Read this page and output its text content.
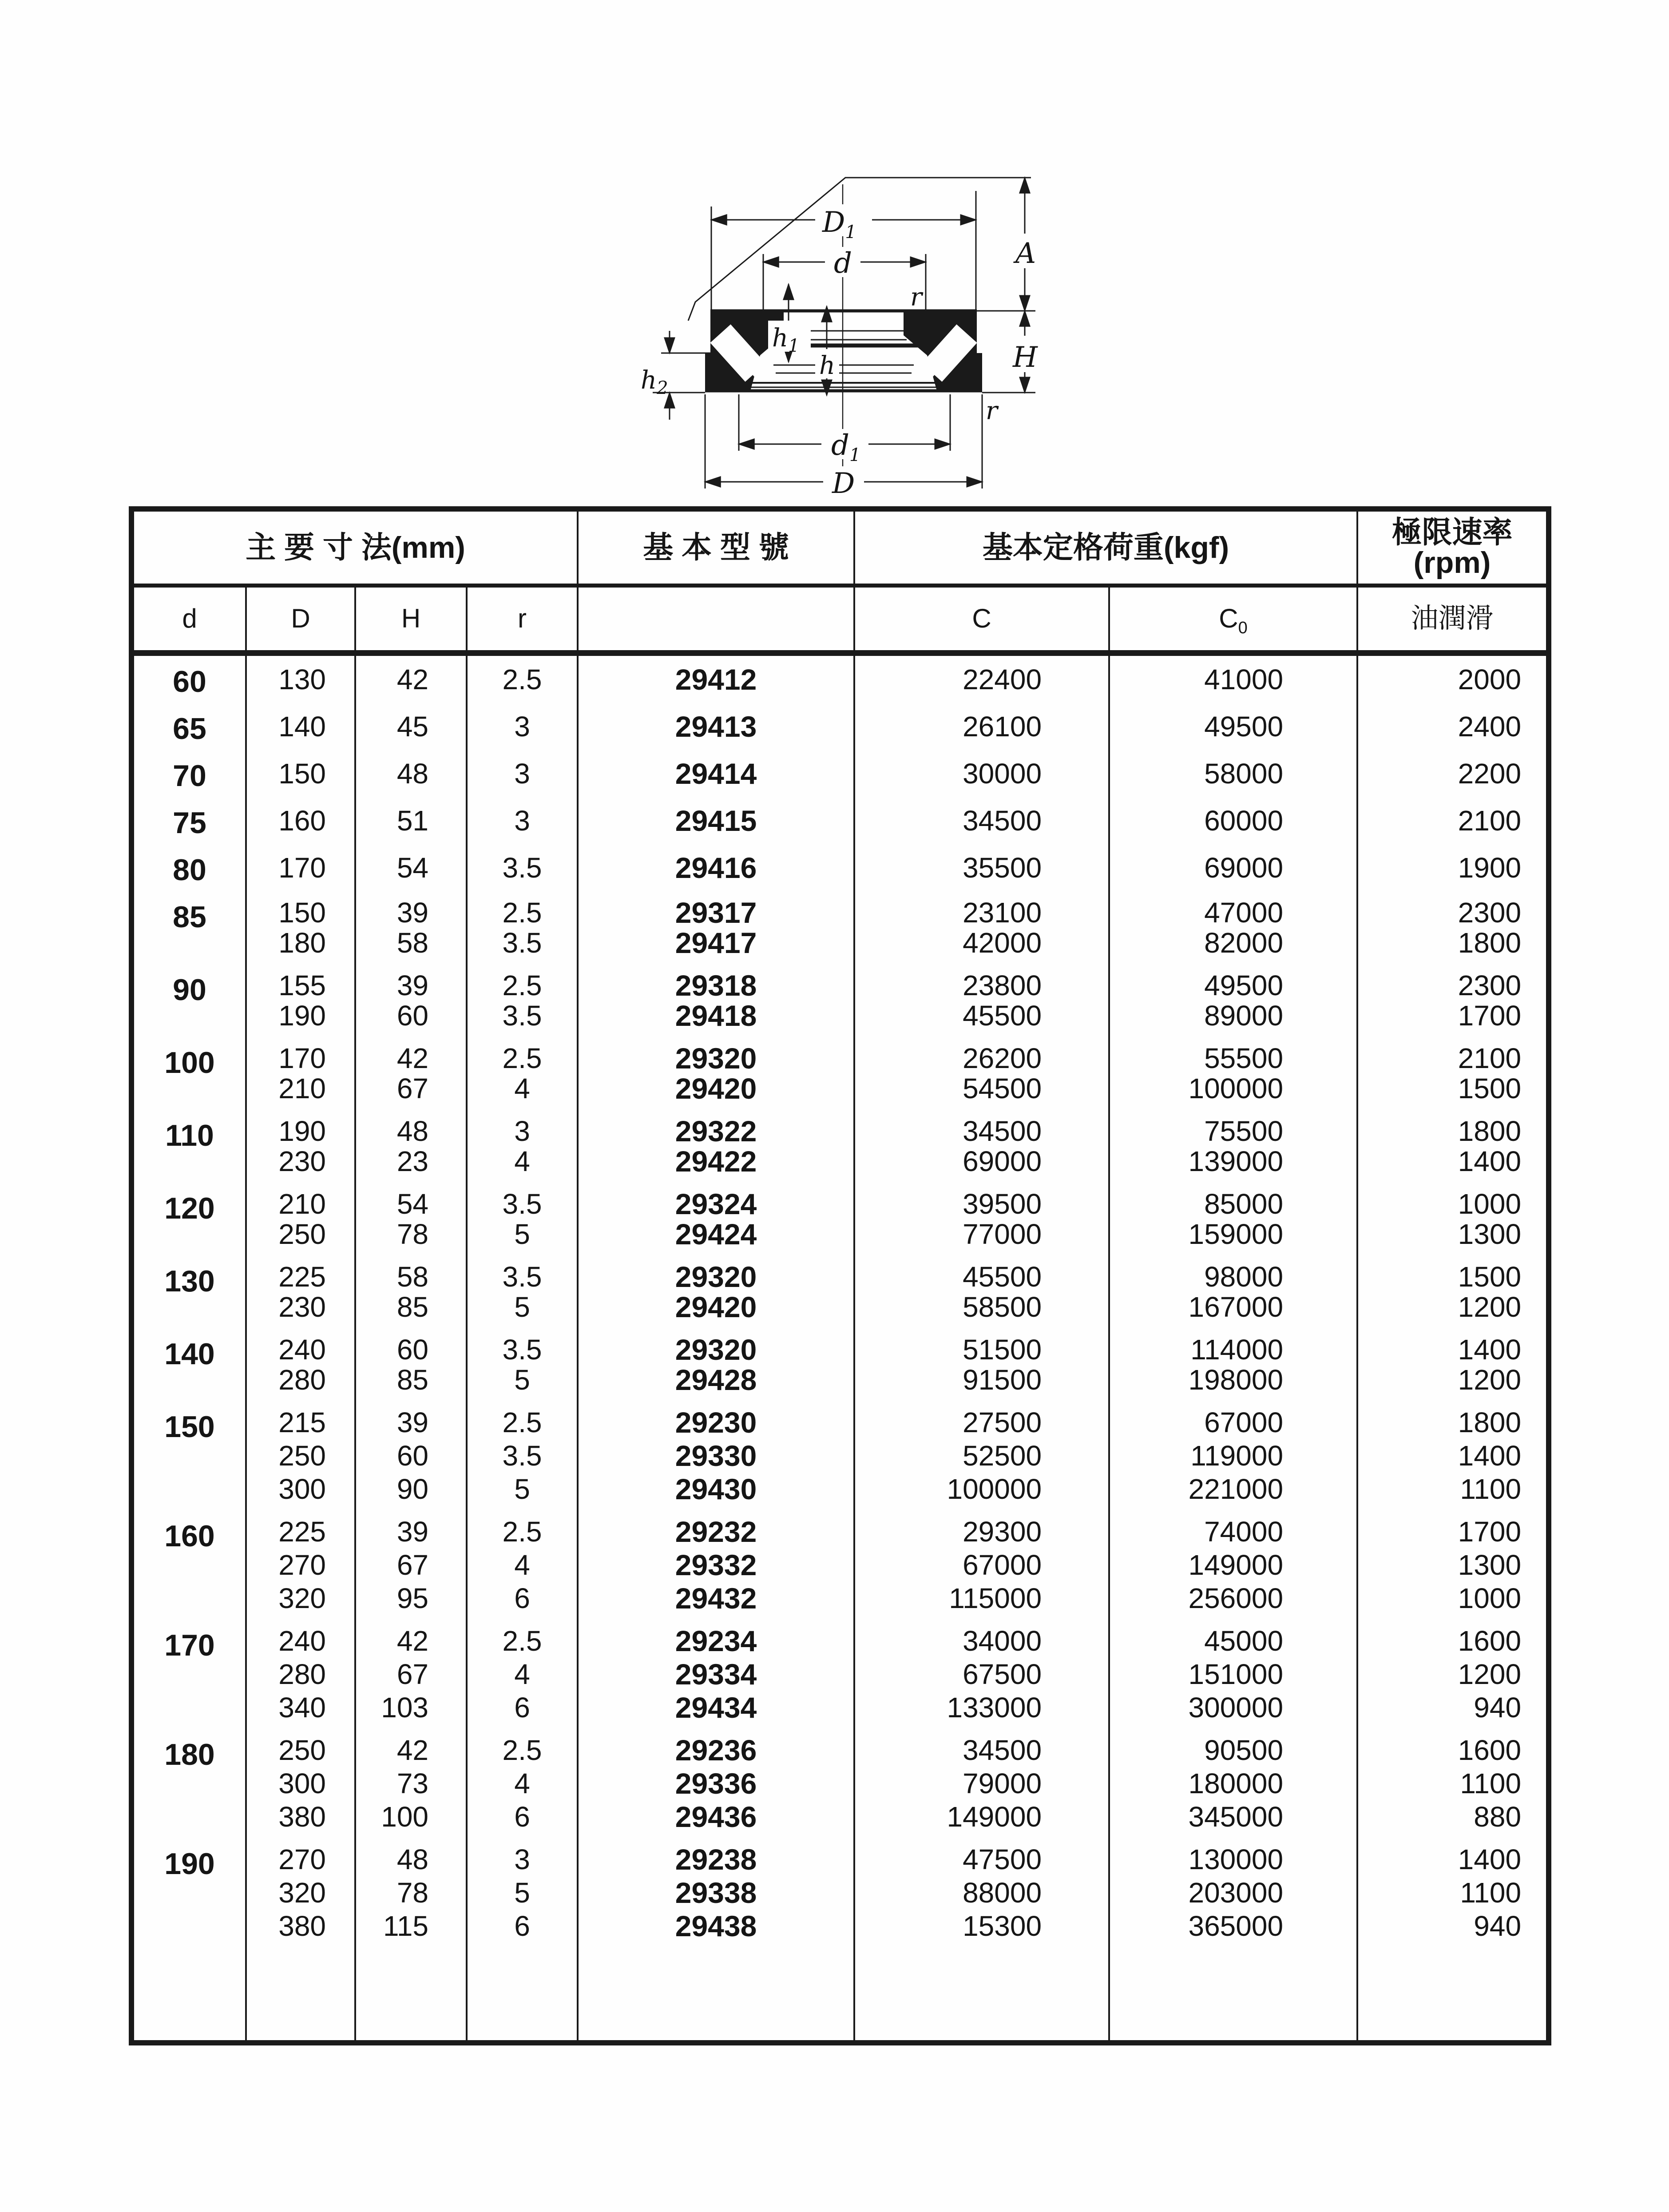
$D_1$
d
r
A
H
$h_1$
h
$h_2$
r
$d_1$
D
主 要 寸 法(mm)				基 本 型 號	基本定格荷重(kgf)		極限速率(rpm)
d	D	H	r		C	$C_0$	油潤滑
60	130	42	2.5	29412	22400	41000	2000
65	140	45	3	29413	26100	49500	2400
70	150	48	3	29414	30000	58000	2200
75	160	51	3	29415	34500	60000	2100
80	170	54	3.5	29416	35500	69000	1900
85	150	39	2.5	29317	23100	47000	2300
	180	58	3.5	29417	42000	82000	1800
90	155	39	2.5	29318	23800	49500	2300
	190	60	3.5	29418	45500	89000	1700
100	170	42	2.5	29320	26200	55500	2100
	210	67	4	29420	54500	100000	1500
110	190	48	3	29322	34500	75500	1800
	230	23	4	29422	69000	139000	1400
120	210	54	3.5	29324	39500	85000	1000
	250	78	5	29424	77000	159000	1300
130	225	58	3.5	29320	45500	98000	1500
	230	85	5	29420	58500	167000	1200
140	240	60	3.5	29320	51500	114000	1400
	280	85	5	29428	91500	198000	1200
150	215	39	2.5	29230	27500	67000	1800
	250	60	3.5	29330	52500	119000	1400
	300	90	5	29430	100000	221000	1100
160	225	39	2.5	29232	29300	74000	1700
	270	67	4	29332	67000	149000	1300
	320	95	6	29432	115000	256000	1000
170	240	42	2.5	29234	34000	45000	1600
	280	67	4	29334	67500	151000	1200
	340	103	6	29434	133000	300000	940
180	250	42	2.5	29236	34500	90500	1600
	300	73	4	29336	79000	180000	1100
	380	100	6	29436	149000	345000	880
190	270	48	3	29238	47500	130000	1400
	320	78	5	29338	88000	203000	1100
	380	115	6	29438	15300	365000	940
